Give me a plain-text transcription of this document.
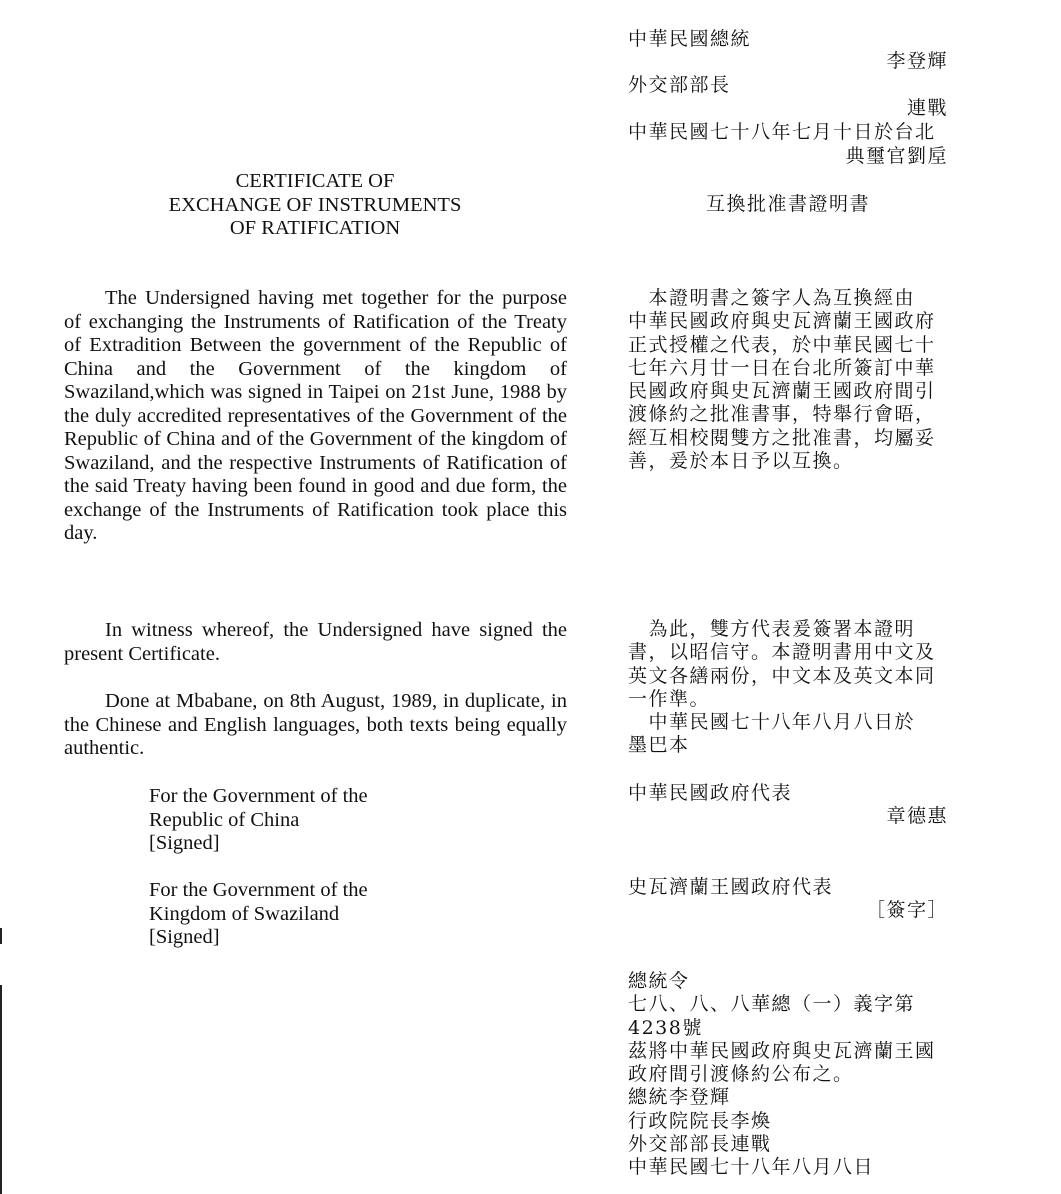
中華民國總統
李登輝
外交部部長
連戰
中華民國七十八年七月十日於台北
典璽官劉垕
互換批准書證明書
CERTIFICATE OF
EXCHANGE OF INSTRUMENTS
OF RATIFICATION
The Undersigned having met together for the purpose of exchanging the Instruments of Ratification of the Treaty of Extradition Between the government of the Republic of China and the Government of the kingdom of Swaziland,which was signed in Taipei on 21st June, 1988 by the duly accredited representatives of the Government of the Republic of China and of the Government of the kingdom of Swaziland, and the respective Instruments of Ratification of the said Treaty having been found in good and due form, the exchange of the Instruments of Ratification took place this day.
In witness whereof, the Undersigned have signed the present Certificate.
Done at Mbabane, on 8th August, 1989, in duplicate, in the Chinese and English languages, both texts being equally authentic.
For the Government of the
Republic of China
[Signed]
For the Government of the
Kingdom of Swaziland
[Signed]
　本證明書之簽字人為互換經由
中華民國政府與史瓦濟蘭王國政府
正式授權之代表，於中華民國七十
七年六月廿一日在台北所簽訂中華
民國政府與史瓦濟蘭王國政府間引
渡條約之批准書事，特舉行會晤，
經互相校閱雙方之批准書，均屬妥
善，爰於本日予以互換。
　為此，雙方代表爰簽署本證明
書，以昭信守。本證明書用中文及
英文各繕兩份，中文本及英文本同
一作準。
　中華民國七十八年八月八日於
墨巴本
中華民國政府代表
章德惠
史瓦濟蘭王國政府代表
［簽字］
總統令
七八、八、八華總（一）義字第
4238號
茲將中華民國政府與史瓦濟蘭王國
政府間引渡條約公布之。
總統李登輝
行政院院長李煥
外交部部長連戰
中華民國七十八年八月八日
